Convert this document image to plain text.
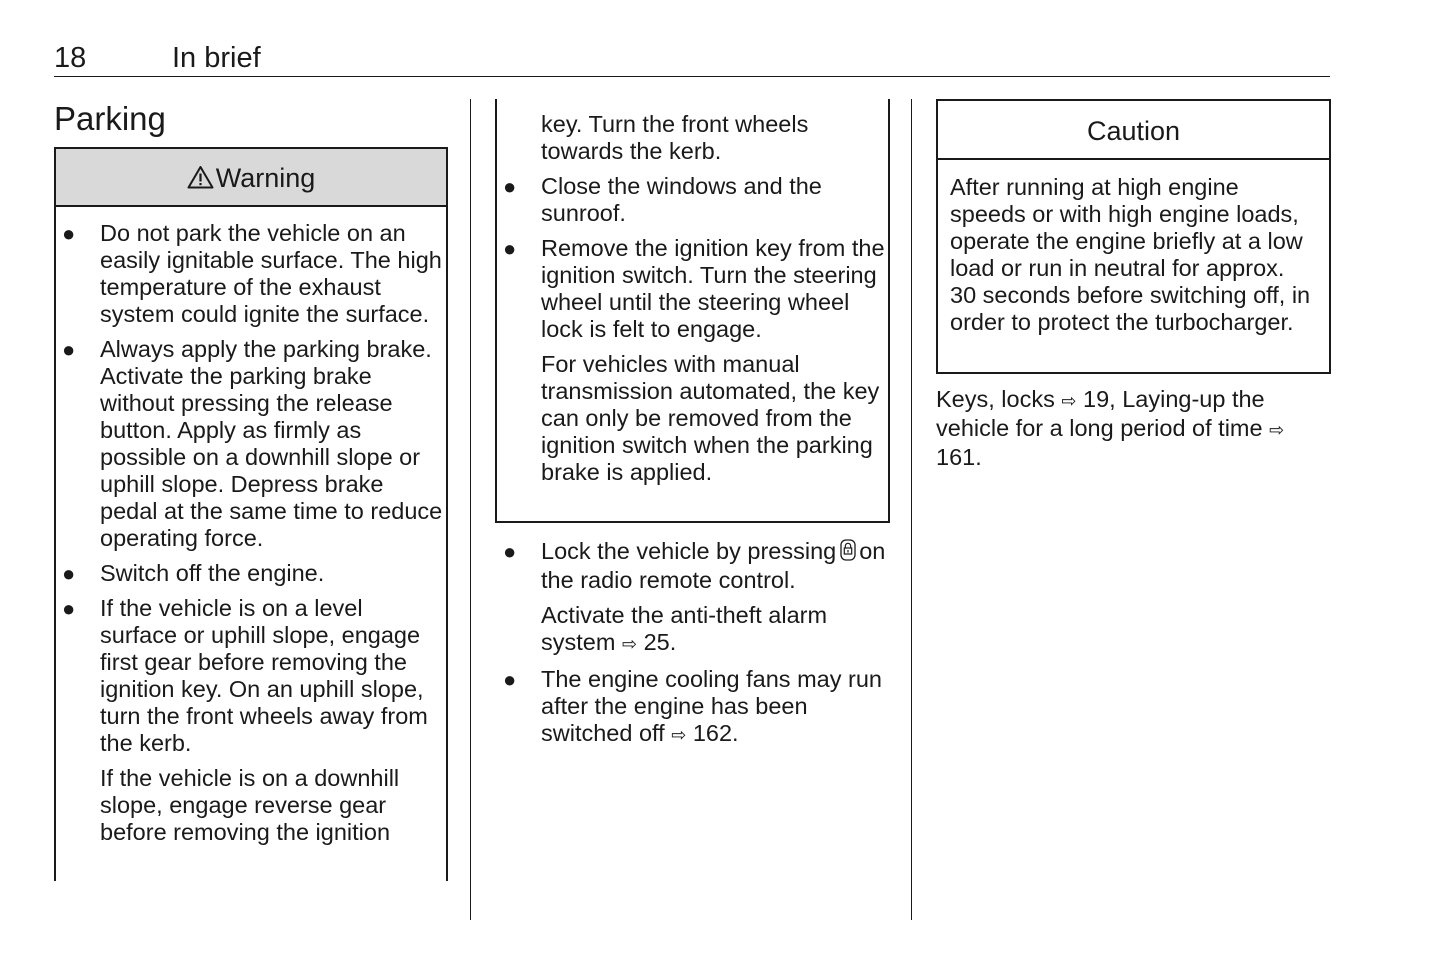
18	In brief
Parking
Warning
● Do not park the vehicle on an easily ignitable surface. The high temperature of the exhaust system could ignite the surface.
● Always apply the parking brake. Activate the parking brake without pressing the release button. Apply as firmly as possible on a downhill slope or uphill slope. Depress brake pedal at the same time to reduce operating force.
● Switch off the engine.
● If the vehicle is on a level surface or uphill slope, engage first gear before removing the ignition key. On an uphill slope, turn the front wheels away from the kerb.
If the vehicle is on a downhill slope, engage reverse gear before removing the ignition
key. Turn the front wheels towards the kerb.
● Close the windows and the sunroof.
● Remove the ignition key from the ignition switch. Turn the steering wheel until the steering wheel lock is felt to engage.
For vehicles with manual transmission automated, the key can only be removed from the ignition switch when the parking brake is applied.
● Lock the vehicle by pressing on the radio remote control.
Activate the anti-theft alarm system ⇨ 25.
● The engine cooling fans may run after the engine has been switched off ⇨ 162.
Caution
After running at high engine speeds or with high engine loads, operate the engine briefly at a low load or run in neutral for approx. 30 seconds before switching off, in order to protect the turbocharger.
Keys, locks ⇨ 19, Laying-up the vehicle for a long period of time ⇨ 161.
